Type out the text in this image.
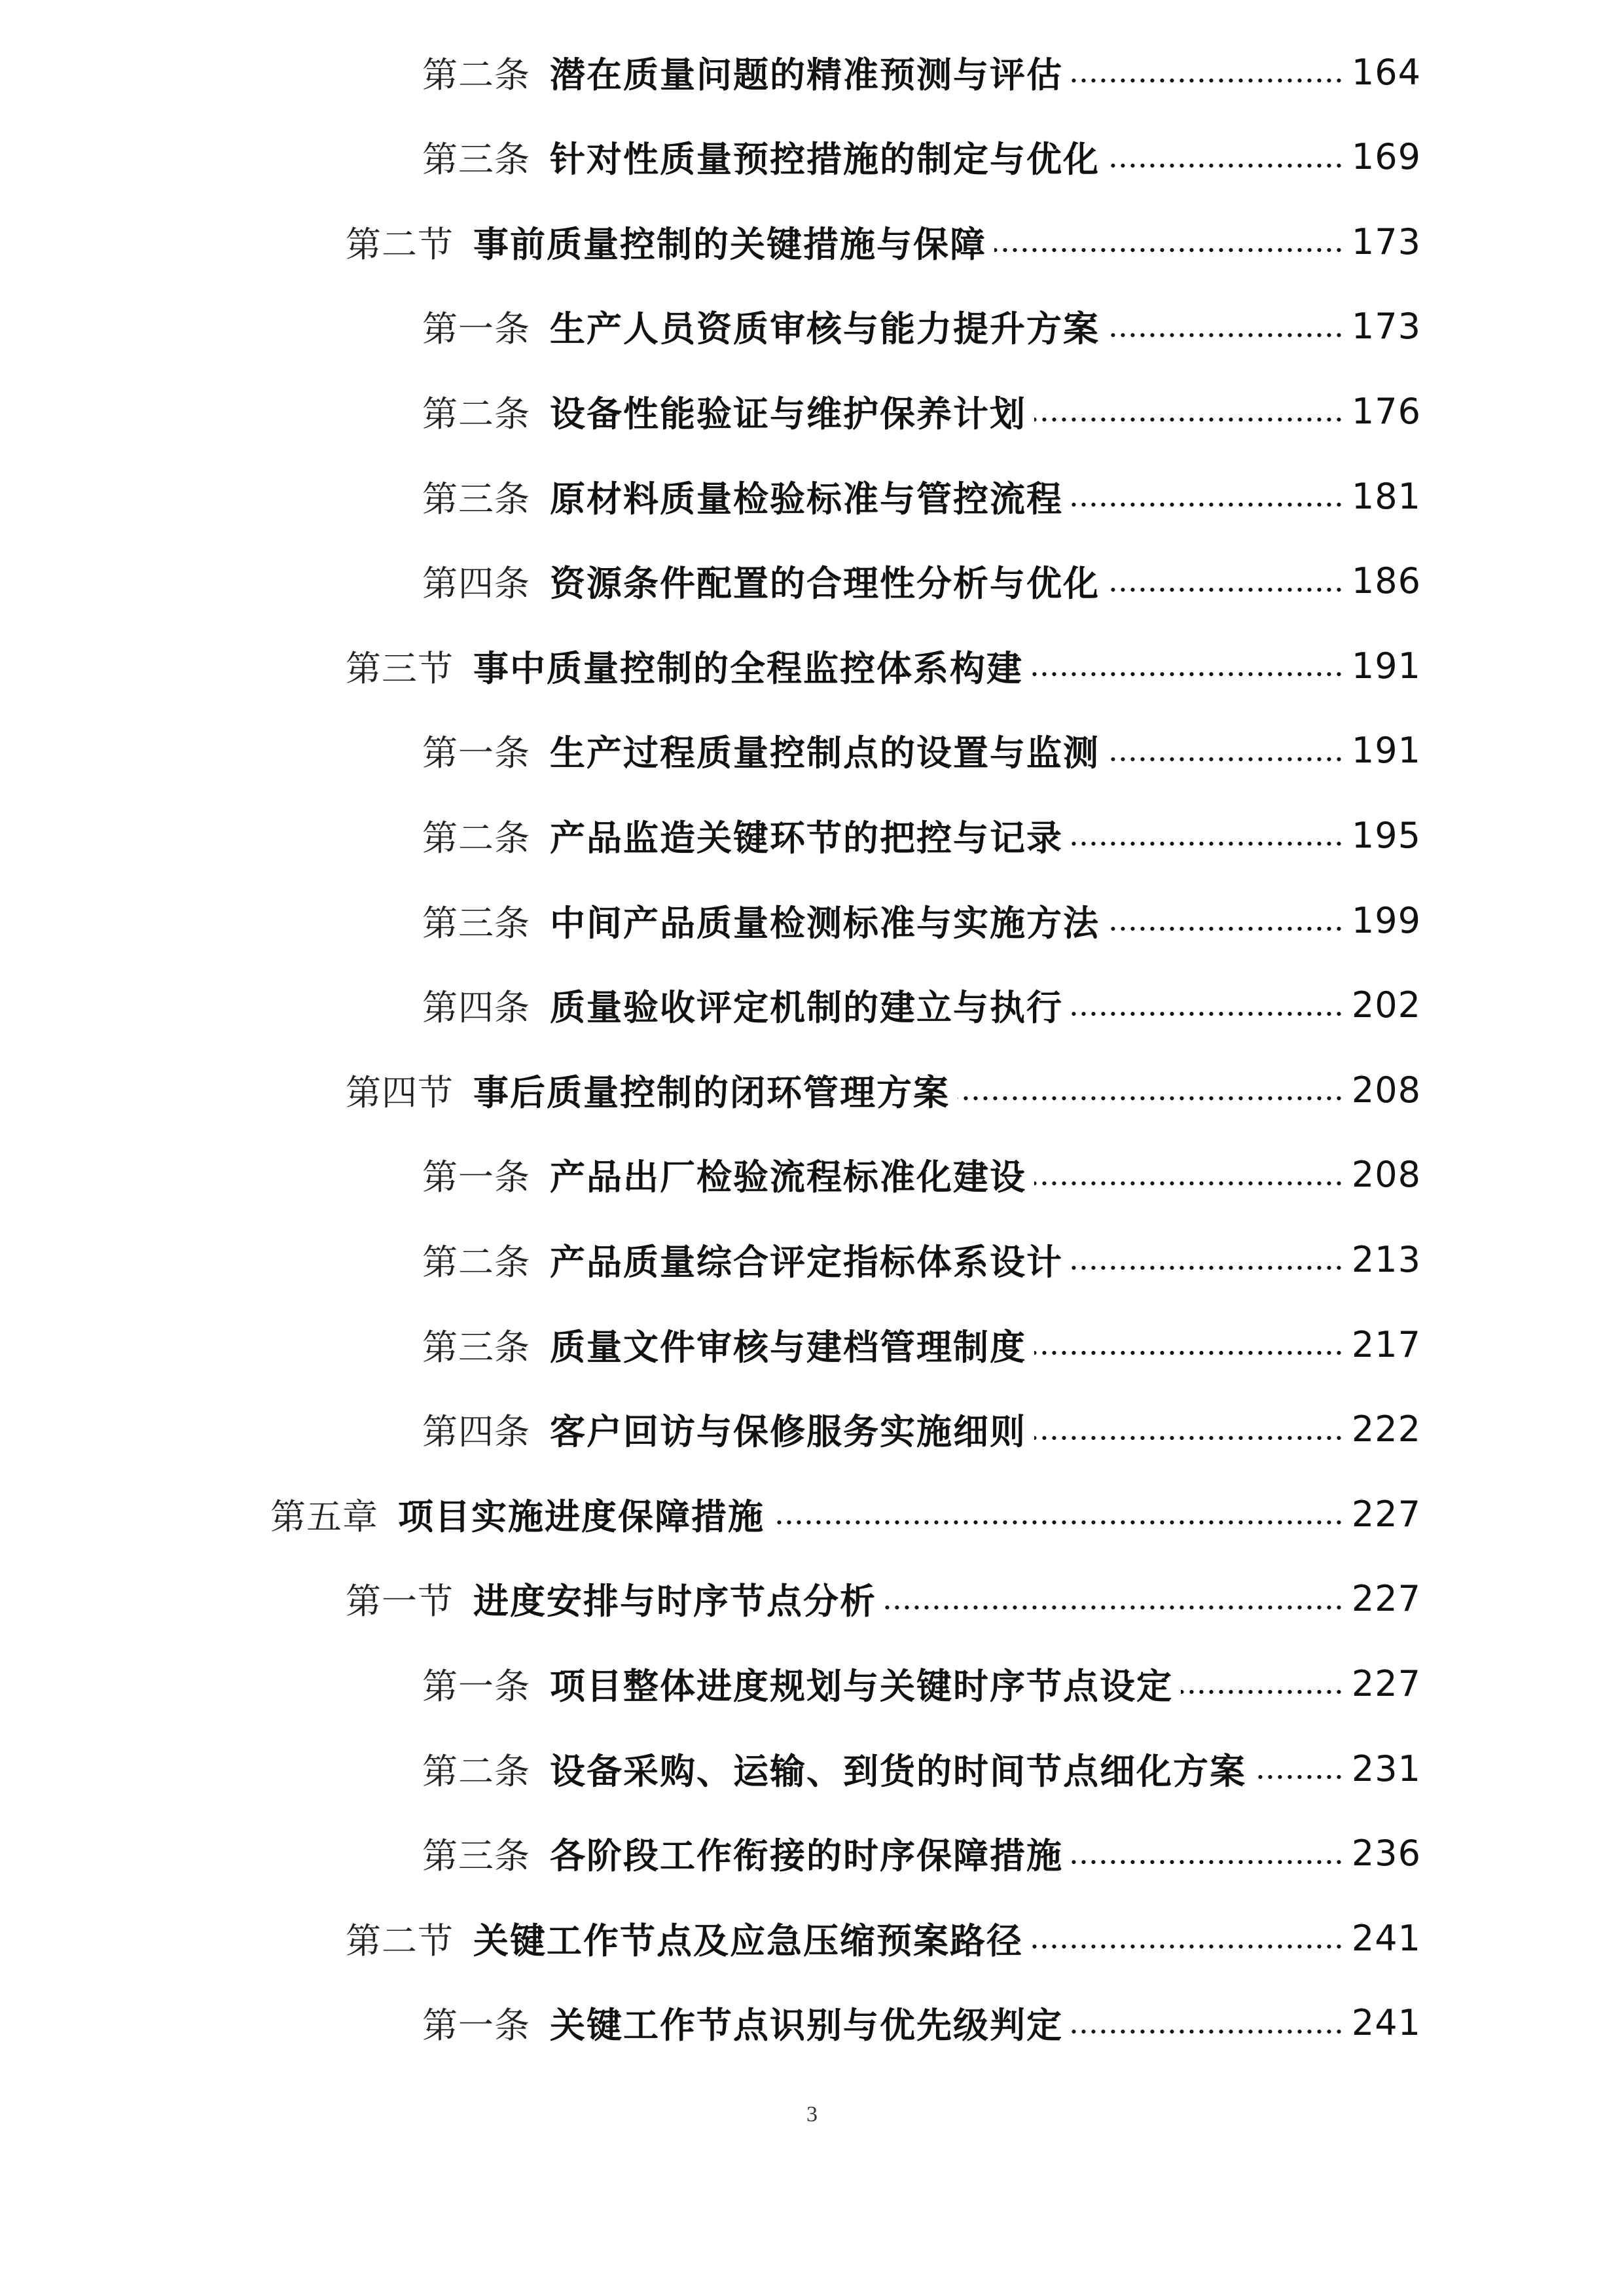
第二条 潜在质量问题的精准预测与评估	164
第三条 针对性质量预控措施的制定与优化	169
第二节 事前质量控制的关键措施与保障	173
第一条 生产人员资质审核与能力提升方案	173
第二条 设备性能验证与维护保养计划	176
第三条 原材料质量检验标准与管控流程	181
第四条 资源条件配置的合理性分析与优化	186
第三节 事中质量控制的全程监控体系构建	191
第一条 生产过程质量控制点的设置与监测	191
第二条 产品监造关键环节的把控与记录	195
第三条 中间产品质量检测标准与实施方法	199
第四条 质量验收评定机制的建立与执行	202
第四节 事后质量控制的闭环管理方案	208
第一条 产品出厂检验流程标准化建设	208
第二条 产品质量综合评定指标体系设计	213
第三条 质量文件审核与建档管理制度	217
第四条 客户回访与保修服务实施细则	222
第五章 项目实施进度保障措施	227
第一节 进度安排与时序节点分析	227
第一条 项目整体进度规划与关键时序节点设定	227
第二条 设备采购、运输、到货的时间节点细化方案	231
第三条 各阶段工作衔接的时序保障措施	236
第二节 关键工作节点及应急压缩预案路径	241
第一条 关键工作节点识别与优先级判定	241
3
